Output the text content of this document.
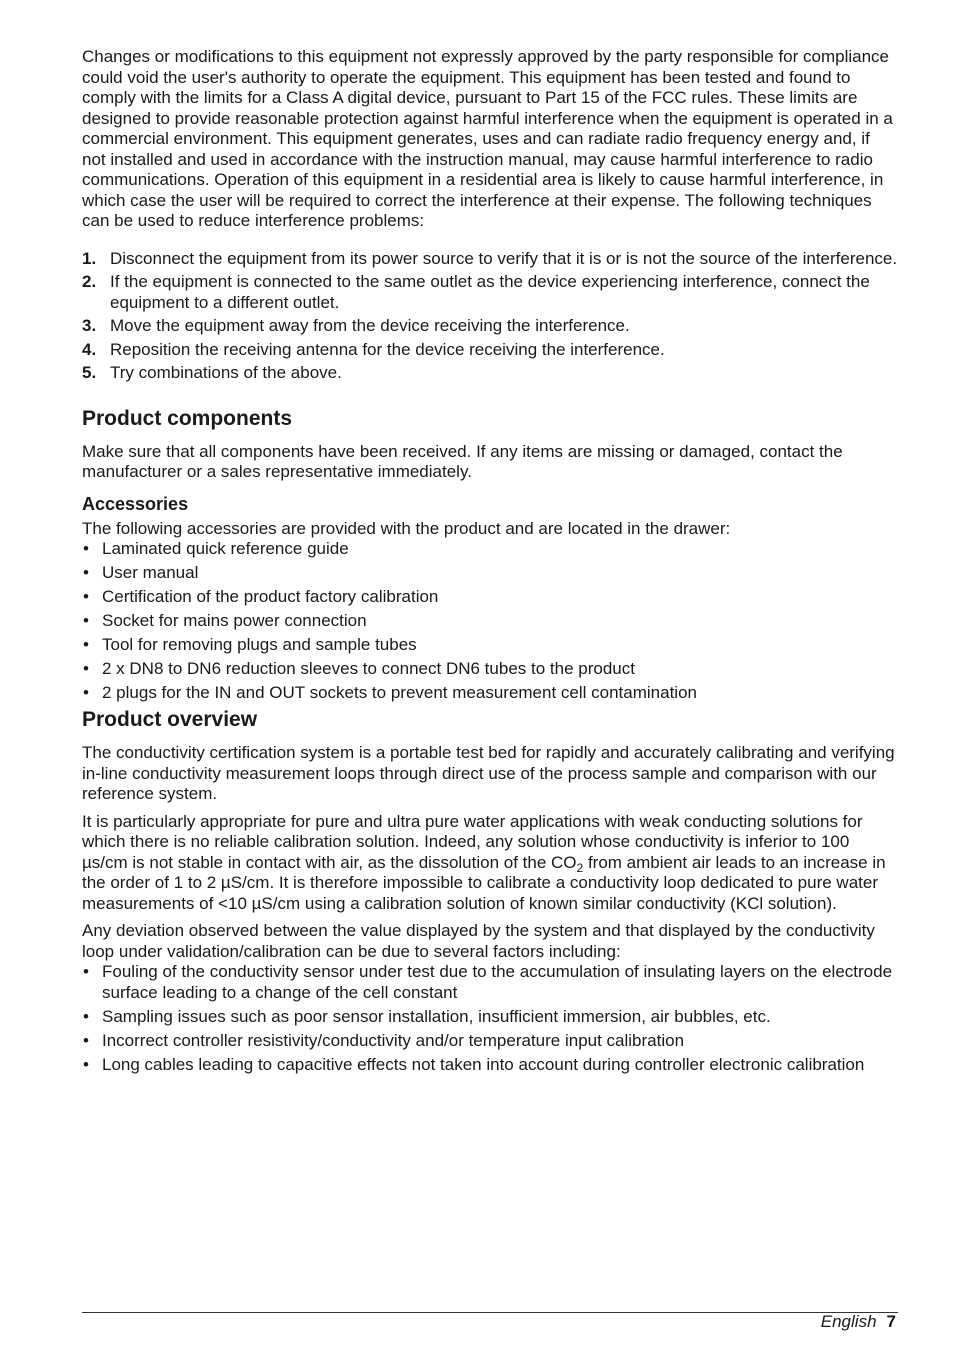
Changes or modifications to this equipment not expressly approved by the party responsible for compliance could void the user's authority to operate the equipment. This equipment has been tested and found to comply with the limits for a Class A digital device, pursuant to Part 15 of the FCC rules. These limits are designed to provide reasonable protection against harmful interference when the equipment is operated in a commercial environment. This equipment generates, uses and can radiate radio frequency energy and, if not installed and used in accordance with the instruction manual, may cause harmful interference to radio communications. Operation of this equipment in a residential area is likely to cause harmful interference, in which case the user will be required to correct the interference at their expense. The following techniques can be used to reduce interference problems:

1. Disconnect the equipment from its power source to verify that it is or is not the source of the interference.
2. If the equipment is connected to the same outlet as the device experiencing interference, connect the equipment to a different outlet.
3. Move the equipment away from the device receiving the interference.
4. Reposition the receiving antenna for the device receiving the interference.
5. Try combinations of the above.
Product components

Make sure that all components have been received. If any items are missing or damaged, contact the manufacturer or a sales representative immediately.

Accessories

The following accessories are provided with the product and are located in the drawer:

• Laminated quick reference guide
• User manual
• Certification of the product factory calibration
• Socket for mains power connection
• Tool for removing plugs and sample tubes
• 2 x DN8 to DN6 reduction sleeves to connect DN6 tubes to the product
• 2 plugs for the IN and OUT sockets to prevent measurement cell contamination
Product overview

The conductivity certification system is a portable test bed for rapidly and accurately calibrating and verifying in-line conductivity measurement loops through direct use of the process sample and comparison with our reference system.

It is particularly appropriate for pure and ultra pure water applications with weak conducting solutions for which there is no reliable calibration solution. Indeed, any solution whose conductivity is inferior to 100 µs/cm is not stable in contact with air, as the dissolution of the $CO_2$ from ambient air leads to an increase in the order of 1 to 2 µS/cm. It is therefore impossible to calibrate a conductivity loop dedicated to pure water measurements of <10 µS/cm using a calibration solution of known similar conductivity (KCl solution).

Any deviation observed between the value displayed by the system and that displayed by the conductivity loop under validation/calibration can be due to several factors including:

• Fouling of the conductivity sensor under test due to the accumulation of insulating layers on the electrode surface leading to a change of the cell constant
• Sampling issues such as poor sensor installation, insufficient immersion, air bubbles, etc.
• Incorrect controller resistivity/conductivity and/or temperature input calibration
• Long cables leading to capacitive effects not taken into account during controller electronic calibration
English 7
